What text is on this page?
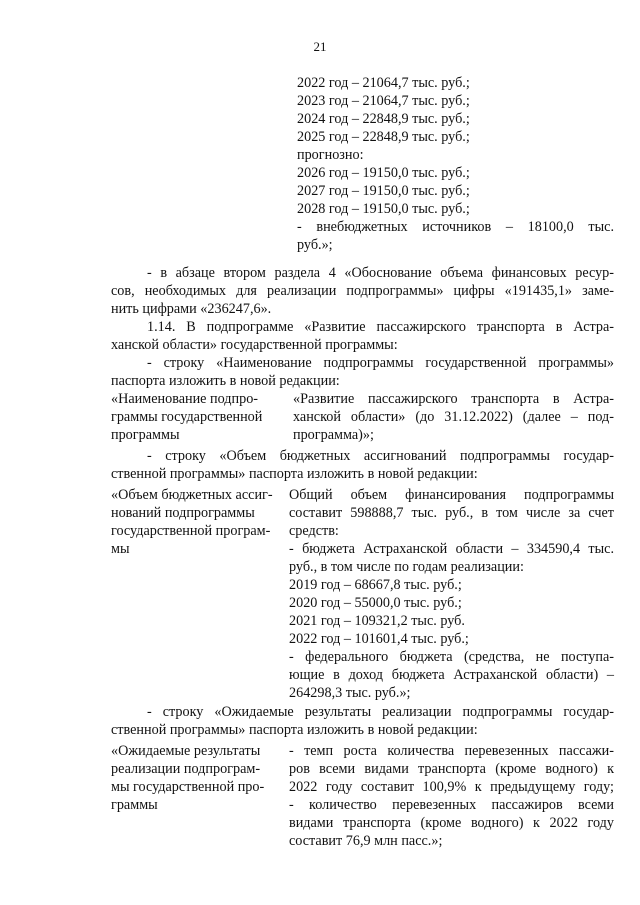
21
2022 год – 21064,7 тыс. руб.;
2023 год – 21064,7 тыс. руб.;
2024 год – 22848,9 тыс. руб.;
2025 год – 22848,9 тыс. руб.;
прогнозно:
2026 год – 19150,0 тыс. руб.;
2027 год – 19150,0 тыс. руб.;
2028 год – 19150,0 тыс. руб.;
- внебюджетных источников – 18100,0 тыс.
руб.»;
- в абзаце втором раздела 4 «Обоснование объема финансовых ресур-
сов, необходимых для реализации подпрограммы» цифры «191435,1» заме-
нить цифрами «236247,6».
1.14. В подпрограмме «Развитие пассажирского транспорта в Астра-
ханской области» государственной программы:
- строку «Наименование подпрограммы государственной программы»
паспорта изложить в новой редакции:
«Наименование подпро-
граммы государственной
программы
«Развитие пассажирского транспорта в Астра-
ханской области» (до 31.12.2022) (далее – под-
программа)»;
- строку «Объем бюджетных ассигнований подпрограммы государ-
ственной программы» паспорта изложить в новой редакции:
«Объем бюджетных ассиг-
нований подпрограммы
государственной програм-
мы
Общий объем финансирования подпрограммы
составит 598888,7 тыс. руб., в том числе за счет
средств:
- бюджета Астраханской области – 334590,4 тыс.
руб., в том числе по годам реализации:
2019 год – 68667,8 тыс. руб.;
2020 год – 55000,0 тыс. руб.;
2021 год – 109321,2 тыс. руб.
2022 год – 101601,4 тыс. руб.;
- федерального бюджета (средства, не поступа-
ющие в доход бюджета Астраханской области) –
264298,3 тыс. руб.»;
- строку «Ожидаемые результаты реализации подпрограммы государ-
ственной программы» паспорта изложить в новой редакции:
«Ожидаемые результаты
реализации подпрограм-
мы государственной про-
граммы
- темп роста количества перевезенных пассажи-
ров всеми видами транспорта (кроме водного) к
2022 году составит 100,9% к предыдущему году;
- количество перевезенных пассажиров всеми
видами транспорта (кроме водного) к 2022 году
составит 76,9 млн пасс.»;
